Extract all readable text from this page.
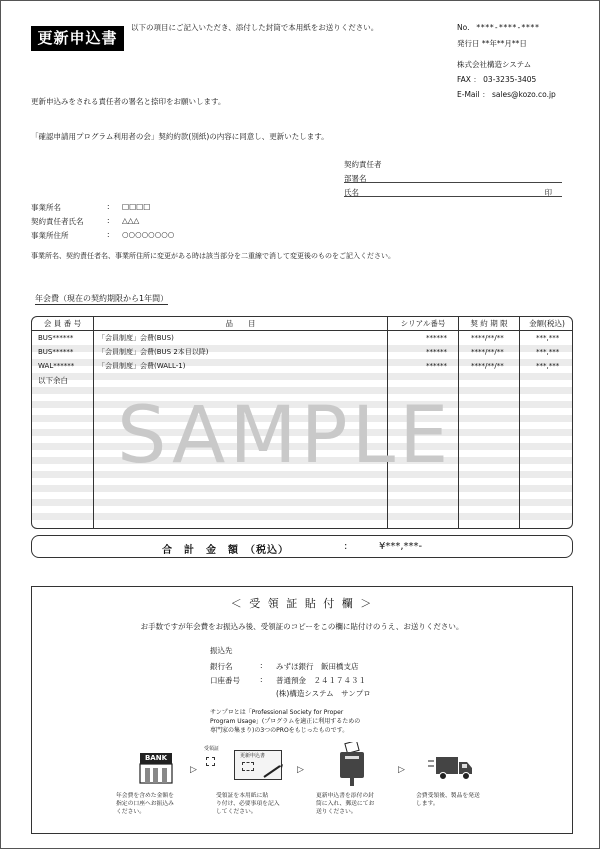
更新申込書
以下の項目にご記入いただき、添付した封筒で本用紙をお送りください。	No. ****-****-****
発行日 **年**月**日
株式会社構造システム
FAX ： 03-3235-3405
E-Mail ： sales@kozo.co.jp
更新申込みをされる責任者の署名と捺印をお願いします。
「確認申請用プログラム利用者の会」契約約款(別紙)の内容に同意し、更新いたします。
契約責任者
部署名
氏名	印
事業所名	: □□□□
契約責任者氏名	: △△△
事業所住所	: ○○○○○○○○
事業所名、契約責任者名、事業所住所に変更がある時は該当部分を二重線で消して変更後のものをご記入ください。
年会費（現在の契約期限から1年間）
会 員 番 号	品　　目	シリアル番号	契 約 期 限	金額(税込)
BUS******	「会員制度」会費(BUS)	******	****/**/**	***,***
BUS******	「会員制度」会費(BUS 2本目以降)	******	****/**/**	***,***
WAL******	「会員制度」会費(WALL-1)	******	****/**/**	***,***
以下余白
SAMPLE
合　計　金　額　（税込）	:	¥***,***-
＜ 受 領 証 貼 付 欄 ＞
お手数ですが年会費をお振込み後、受領証のコピーをこの欄に貼付けのうえ、お送りください。
振込先
銀行名	: みずほ銀行　飯田橋支店
口座番号	: 普通預金　２４１７４３１
(株)構造システム　サンプロ
サンプロとは「Professional Society for Proper
Program Usage」(プログラムを適正に利用するための
専門家の集まり)の3つのPROをもじったものです。
BANK
▷
受領証
更新申込書
▷	▷
年会費を含めた金額を
指定の口座へお振込み
ください。
受領証を本用紙に貼
り付け、必要事項を記入
してください。
更新申込書を添付の封
筒に入れ、郵送にてお
送りください。
会費受領後、製品を発送
します。
